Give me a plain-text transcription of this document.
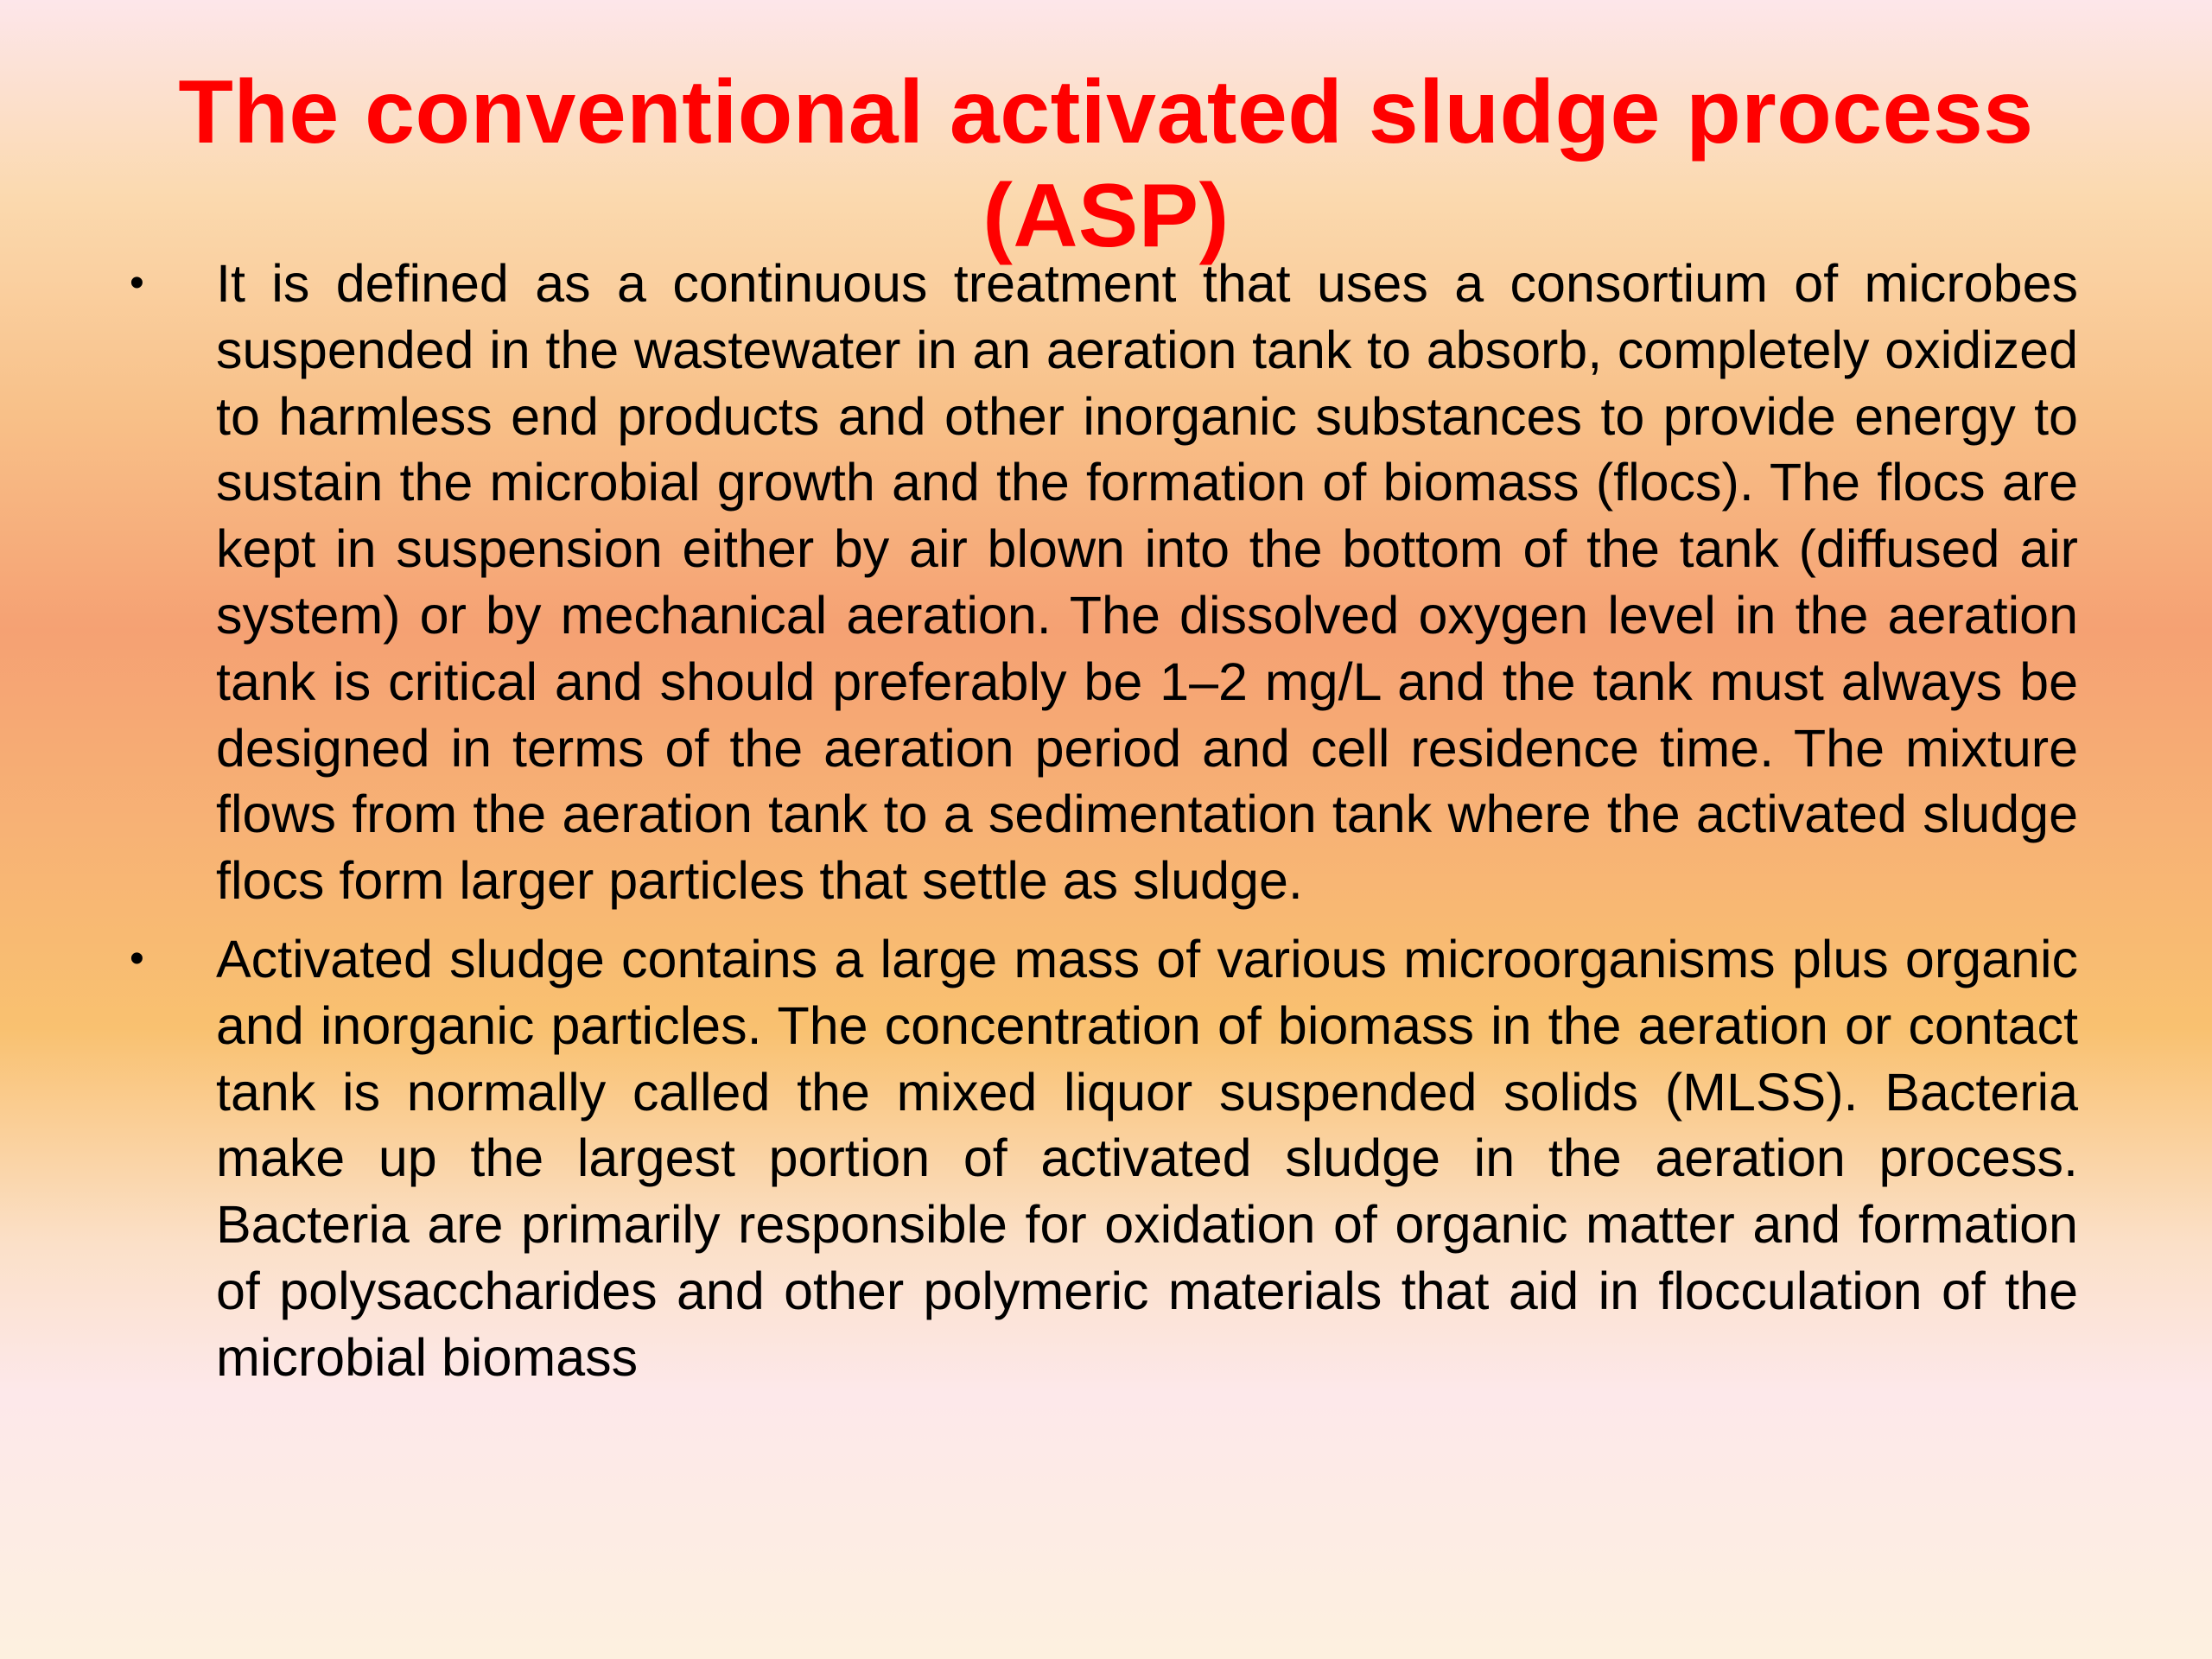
The conventional activated sludge process (ASP)
•	It is defined as a continuous treatment that uses a consortium of microbes suspended in the wastewater in an aeration tank to absorb, completely oxidized to harmless end products and other inorganic substances to provide energy to sustain the microbial growth and the formation of biomass (flocs). The flocs are kept in suspension either by air blown into the bottom of the tank (diffused air system) or by mechanical aeration. The dissolved oxygen level in the aeration tank is critical and should preferably be 1–2 mg/L and the tank must always be designed in terms of the aeration period and cell residence time. The mixture flows from the aeration tank to a sedimentation tank where the activated sludge flocs form larger particles that settle as sludge.
•	Activated sludge contains a large mass of various microorganisms plus organic and inorganic particles. The concentration of biomass in the aeration or contact tank is normally called the mixed liquor suspended solids (MLSS). Bacteria make up the largest portion of activated sludge in the aeration process. Bacteria are primarily responsible for oxidation of organic matter and formation of polysaccharides and other polymeric materials that aid in flocculation of the microbial biomass
